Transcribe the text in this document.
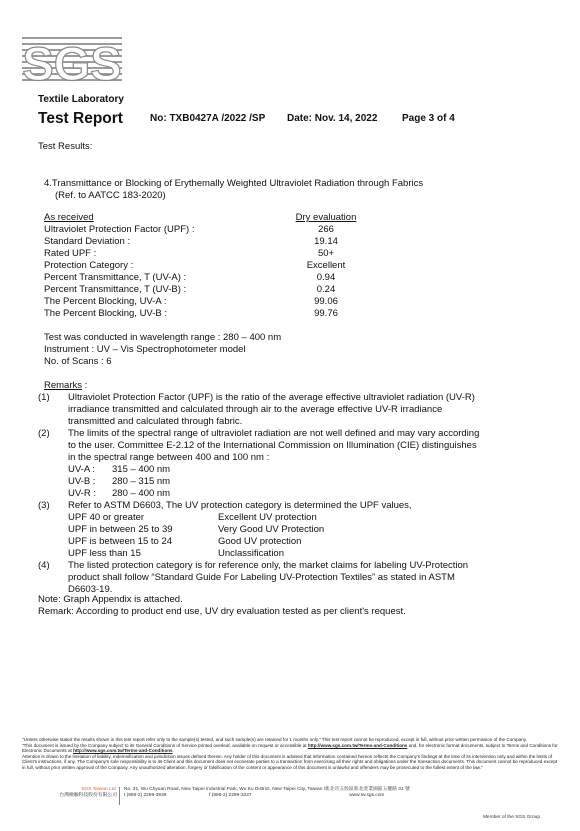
SGS
Textile Laboratory
Test Report	No: TXB0427A /2022 /SP Date: Nov. 14, 2022 Page 3 of 4
Test Results:
4.Transmittance or Blocking of Erythemally Weighted Ultraviolet Radiation through Fabrics
(Ref. to AATCC 183-2020)
As received	Dry evaluation
Ultraviolet Protection Factor (UPF) :	266
Standard Deviation :	19.14
Rated UPF :	50+
Protection Category :	Excellent
Percent Transmittance, T (UV-A) :	0.94
Percent Transmittance, T (UV-B) :	0.24
The Percent Blocking, UV-A :	99.06
The Percent Blocking, UV-B :	99.76
Test was conducted in wavelength range : 280 – 400 nm
Instrument : UV – Vis Spectrophotometer model
No. of Scans : 6
Remarks :
(1) Ultraviolet Protection Factor (UPF) is the ratio of the average effective ultraviolet radiation (UV-R)
irradiance transmitted and calculated through air to the average effective UV-R irradiance
transmitted and calculated through fabric.
(2) The limits of the spectral range of ultraviolet radiation are not well defined and may vary according
to the user. Committee E-2.12 of the International Commission on Illumination (CIE) distinguishes
in the spectral range between 400 and 100 nm :
UV-A : 315 – 400 nm
UV-B : 280 – 315 nm
UV-R : 280 – 400 nm
(3) Refer to ASTM D6603, The UV protection category is determined the UPF values,
UPF 40 or greater	Excellent UV protection
UPF in between 25 to 39	Very Good UV Protection
UPF is between 15 to 24	Good UV protection
UPF less than 15	Unclassification
(4) The listed protection category is for reference only, the market claims for labeling UV-Protection
product shall follow “Standard Guide For Labeling UV-Protection Textiles” as stated in ASTM
D6603-19.
Note: Graph Appendix is attached.
Remark: According to product end use, UV dry evaluation tested as per client's request.
"Unless otherwise stated the results shown in this test report refer only to the sample(s) tested, and such sample(s) are retained for 1 months only." This test report cannot be reproduced, except in full, without prior written permission of the Company.
"This document is issued by the Company subject to its General Conditions of Service printed overleaf, available on request or accessible at http://www.sgs.com.tw/Terms-and-Conditions and, for electronic format documents, subject to Terms and Conditions for Electronic Documents at http://www.sgs.com.tw/Terms-and-Conditions.
Attention is drawn to the limitation of liability, indemnification and jurisdiction issues defined therein. Any holder of this document is advised that information contained hereon reflects the Company's findings at the time of its intervention only and within the limits of Client's instructions, if any. The Company's sole responsibility is to its Client and this document does not exonerate parties to a transaction from exercising all their rights and obligations under the transaction documents. This document cannot be reproduced except in full, without prior written approval of the Company. Any unauthorized alteration, forgery or falsification of the content or appearance of this document is unlawful and offenders may be prosecuted to the fullest extent of the law."
SGS Taiwan Ltd.
台灣檢驗科技股份有限公司
No. 31, Wu Chyuan Road, New Taipei Industrial Park, Wu Ku District, New Taipei City, Taiwan /新北市五股區新北產業園區五權路 31 號
t (886-2) 2299-3939	f (886-2) 2299-3237	www.tw.sgs.com
Member of the SGS Group
